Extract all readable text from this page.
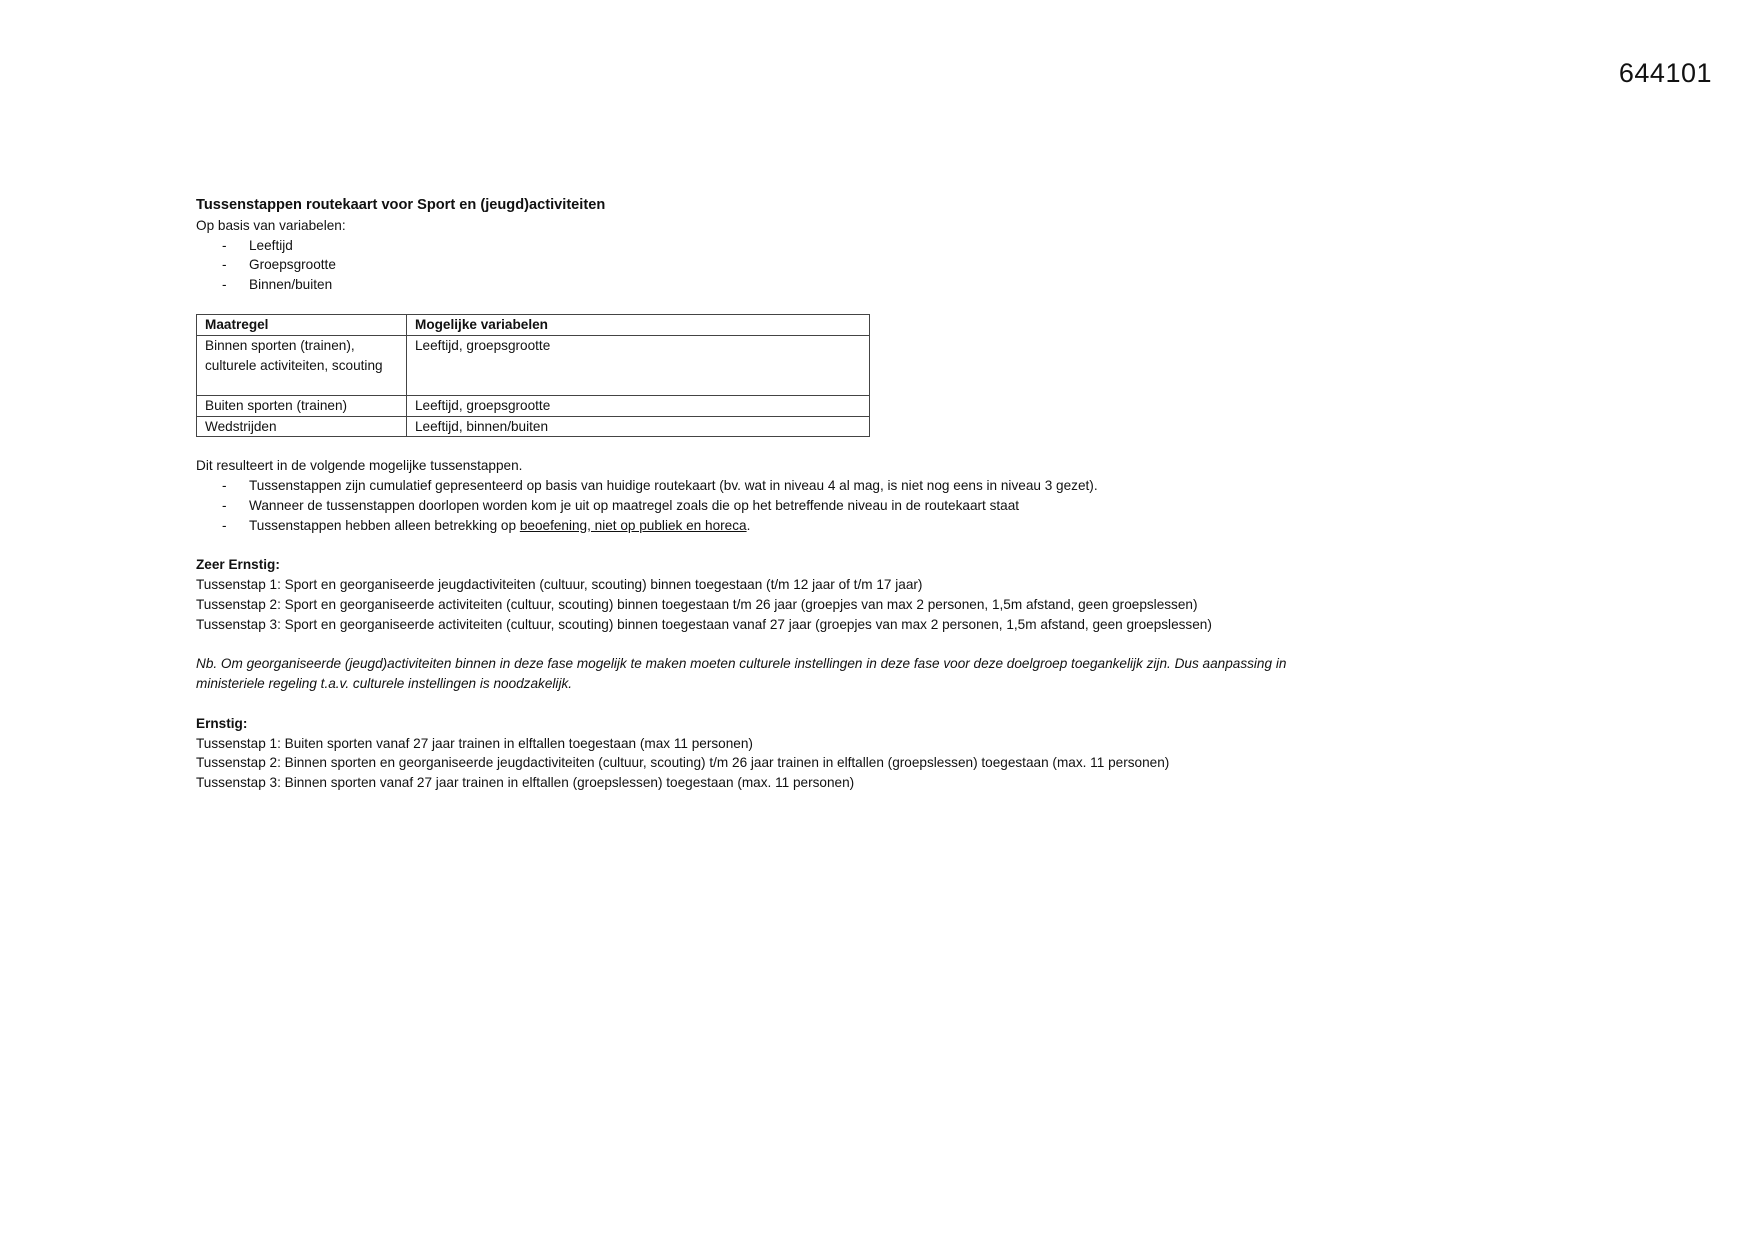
644101

Tussenstappen routekaart voor Sport en (jeugd)activiteiten

Op basis van variabelen:

- Leeftijd
- Groepsgrootte
- Binnen/buiten
Maatregel	Mogelijke variabelen
Binnen sporten (trainen), culturele activiteiten, scouting	Leeftijd, groepsgrootte
Buiten sporten (trainen)	Leeftijd, groepsgrootte
Wedstrijden	Leeftijd, binnen/buiten

Dit resulteert in de volgende mogelijke tussenstappen.

- Tussenstappen zijn cumulatief gepresenteerd op basis van huidige routekaart (bv. wat in niveau 4 al mag, is niet nog eens in niveau 3 gezet).
- Wanneer de tussenstappen doorlopen worden kom je uit op maatregel zoals die op het betreffende niveau in de routekaart staat
- Tussenstappen hebben alleen betrekking op beoefening, niet op publiek en horeca.

Zeer Ernstig:

Tussenstap 1: Sport en georganiseerde jeugdactiviteiten (cultuur, scouting) binnen toegestaan (t/m 12 jaar of t/m 17 jaar)

Tussenstap 2: Sport en georganiseerde activiteiten (cultuur, scouting) binnen toegestaan t/m 26 jaar (groepjes van max 2 personen, 1,5m afstand, geen groepslessen)

Tussenstap 3: Sport en georganiseerde activiteiten (cultuur, scouting) binnen toegestaan vanaf 27 jaar (groepjes van max 2 personen, 1,5m afstand, geen groepslessen)

Nb. Om georganiseerde (jeugd)activiteiten binnen in deze fase mogelijk te maken moeten culturele instellingen in deze fase voor deze doelgroep toegankelijk zijn. Dus aanpassing in ministeriele regeling t.a.v. culturele instellingen is noodzakelijk.

Ernstig:

Tussenstap 1: Buiten sporten vanaf 27 jaar trainen in elftallen toegestaan (max 11 personen)

Tussenstap 2: Binnen sporten en georganiseerde jeugdactiviteiten (cultuur, scouting) t/m 26 jaar trainen in elftallen (groepslessen) toegestaan (max. 11 personen)

Tussenstap 3: Binnen sporten vanaf 27 jaar trainen in elftallen (groepslessen) toegestaan (max. 11 personen)
